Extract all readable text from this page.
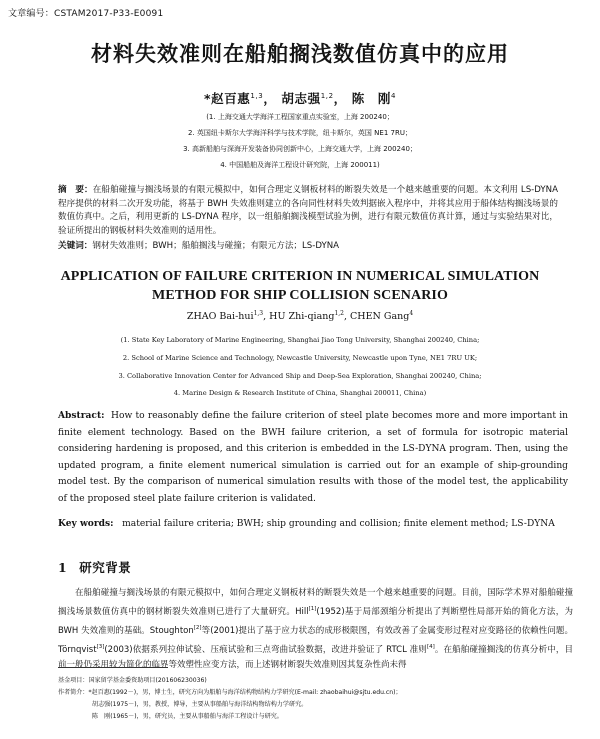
文章编号：CSTAM2017-P33-E0091
材料失效准则在船舶搁浅数值仿真中的应用
*赵百惠$^{1,3}$， 胡志强$^{1,2}$， 陈　刚$^4$
(1. 上海交通大学海洋工程国家重点实验室，上海 200240；
2. 英国纽卡斯尔大学海洋科学与技术学院，纽卡斯尔，英国 NE1 7RU；
3. 高新船舶与深海开发装备协同创新中心，上海交通大学，上海 200240；
4. 中国船舶及海洋工程设计研究院，上海 200011)
摘　要：在船舶碰撞与搁浅场景的有限元模拟中，如何合理定义钢板材料的断裂失效是一个越来越重要的问题。本文利用 LS-DYNA 程序提供的材料二次开发功能，将基于 BWH 失效准则建立的各向同性材料失效判据嵌入程序中，并将其应用于船体结构搁浅场景的数值仿真中。之后，利用更新的 LS-DYNA 程序，以一组船舶搁浅模型试验为例，进行有限元数值仿真计算，通过与实验结果对比，验证所提出的钢板材料失效准则的适用性。
关键词：钢材失效准则；BWH；船舶搁浅与碰撞；有限元方法；LS-DYNA
APPLICATION OF FAILURE CRITERION IN NUMERICAL SIMULATION
METHOD FOR SHIP COLLISION SCENARIO
ZHAO Bai-hui$^{1,3}$, HU Zhi-qiang$^{1,2}$, CHEN Gang$^4$
(1. State Key Laboratory of Marine Engineering, Shanghai Jiao Tong University, Shanghai 200240, China;
2. School of Marine Science and Technology, Newcastle University, Newcastle upon Tyne, NE1 7RU UK;
3. Collaborative Innovation Center for Advanced Ship and Deep-Sea Exploration, Shanghai 200240, China;
4. Marine Design & Research Institute of China, Shanghai 200011, China)
Abstract: How to reasonably define the failure criterion of steel plate becomes more and more important in finite element technology. Based on the BWH failure criterion, a set of formula for isotropic material considering hardening is proposed, and this criterion is embedded in the LS-DYNA program. Then, using the updated program, a finite element numerical simulation is carried out for an example of ship-grounding model test. By the comparison of numerical simulation results with those of the model test, the applicability of the proposed steel plate failure criterion is validated.
Key words: material failure criteria; BWH; ship grounding and collision; finite element method; LS-DYNA
1 研究背景
在船舶碰撞与搁浅场景的有限元模拟中，如何合理定义钢板材料的断裂失效是一个越来越重要的问题。目前，国际学术界对船舶碰撞搁浅场景数值仿真中的钢材断裂失效准则已进行了大量研究。Hill[1](1952)基于局部颈缩分析提出了判断塑性局部开始的简化方法，为 BWH 失效准则的基础。Stoughton[2]等(2001)提出了基于应力状态的成形极限图，有效改善了金属变形过程对应变路径的依赖性问题。Törnqvist[3](2003)依据系列拉伸试验、压痕试验和三点弯曲试验数据，改进并验证了 RTCL 准则[4]。在船舶碰撞搁浅的仿真分析中，目前一般仍采用较为简化的临界等效塑性应变方法，而上述钢材断裂失效准则因其复杂性尚未得
基金项目：国家留学基金委资助项目(201606230036)
作者简介：*赵百惠(1992－)，男，博士生，研究方向为船舶与海洋结构物结构力学研究(E-mail: zhaobaihui@sjtu.edu.cn)；
胡志强(1975－)，男，教授，博导，主要从事船舶与海洋结构物结构力学研究。
陈　刚(1965－)，男，研究员，主要从事船舶与海洋工程设计与研究。
